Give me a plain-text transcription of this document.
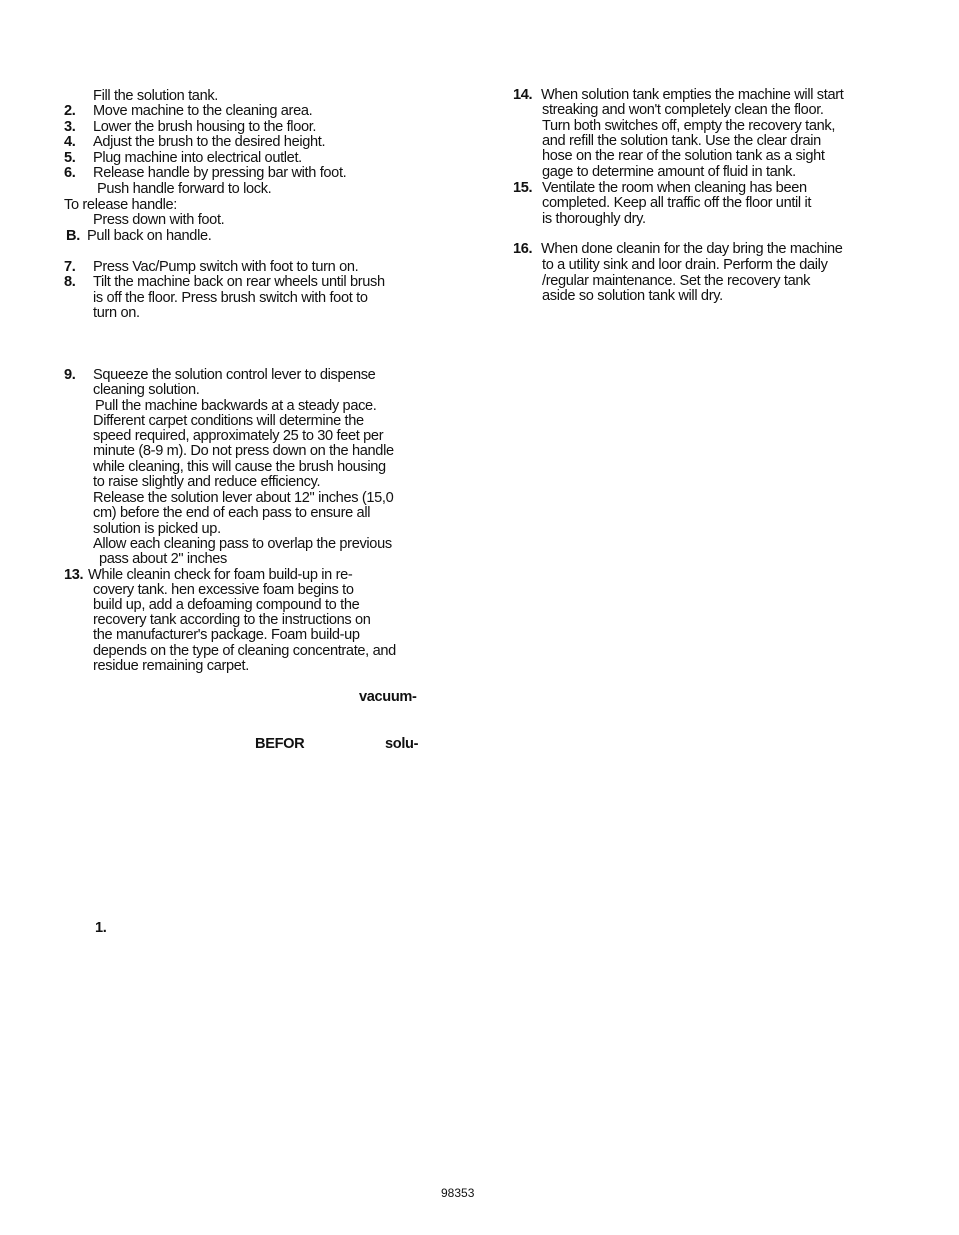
Fill the solution tank.
2. Move machine to the cleaning area.
3. Lower the brush housing to the floor.
4. Adjust the brush to the desired height.
5. Plug machine into electrical outlet.
6. Release handle by pressing bar with foot.
Push handle forward to lock.
To release handle:
Press down with foot.
B. Pull back on handle.
7. Press Vac/Pump switch with foot to turn on.
8. Tilt the machine back on rear wheels until brush
is off the floor. Press brush switch with foot to
turn on.
9. Squeeze the solution control lever to dispense
cleaning solution.
Pull the machine backwards at a steady pace.
Different carpet conditions will determine the
speed required, approximately 25 to 30 feet per
minute (8-9 m). Do not press down on the handle
while cleaning, this will cause the brush housing
to raise slightly and reduce efficiency.
Release the solution lever about 12" inches (15,0
cm) before the end of each pass to ensure all
solution is picked up.
Allow each cleaning pass to overlap the previous
pass about 2" inches
13. While cleanin check for foam build-up in re-
covery tank. hen excessive foam begins to
build up, add a defoaming compound to the
recovery tank according to the instructions on
the manufacturer's package. Foam build-up
depends on the type of cleaning concentrate, and
residue remaining carpet.
vacuum-
BEFOR	solu-
1.
14. When solution tank empties the machine will start
streaking and won't completely clean the floor.
Turn both switches off, empty the recovery tank,
and refill the solution tank. Use the clear drain
hose on the rear of the solution tank as a sight
gage to determine amount of fluid in tank.
15. Ventilate the room when cleaning has been
completed. Keep all traffic off the floor until it
is thoroughly dry.
16. When done cleanin for the day bring the machine
to a utility sink and loor drain. Perform the daily
/regular maintenance. Set the recovery tank
aside so solution tank will dry.
98353
